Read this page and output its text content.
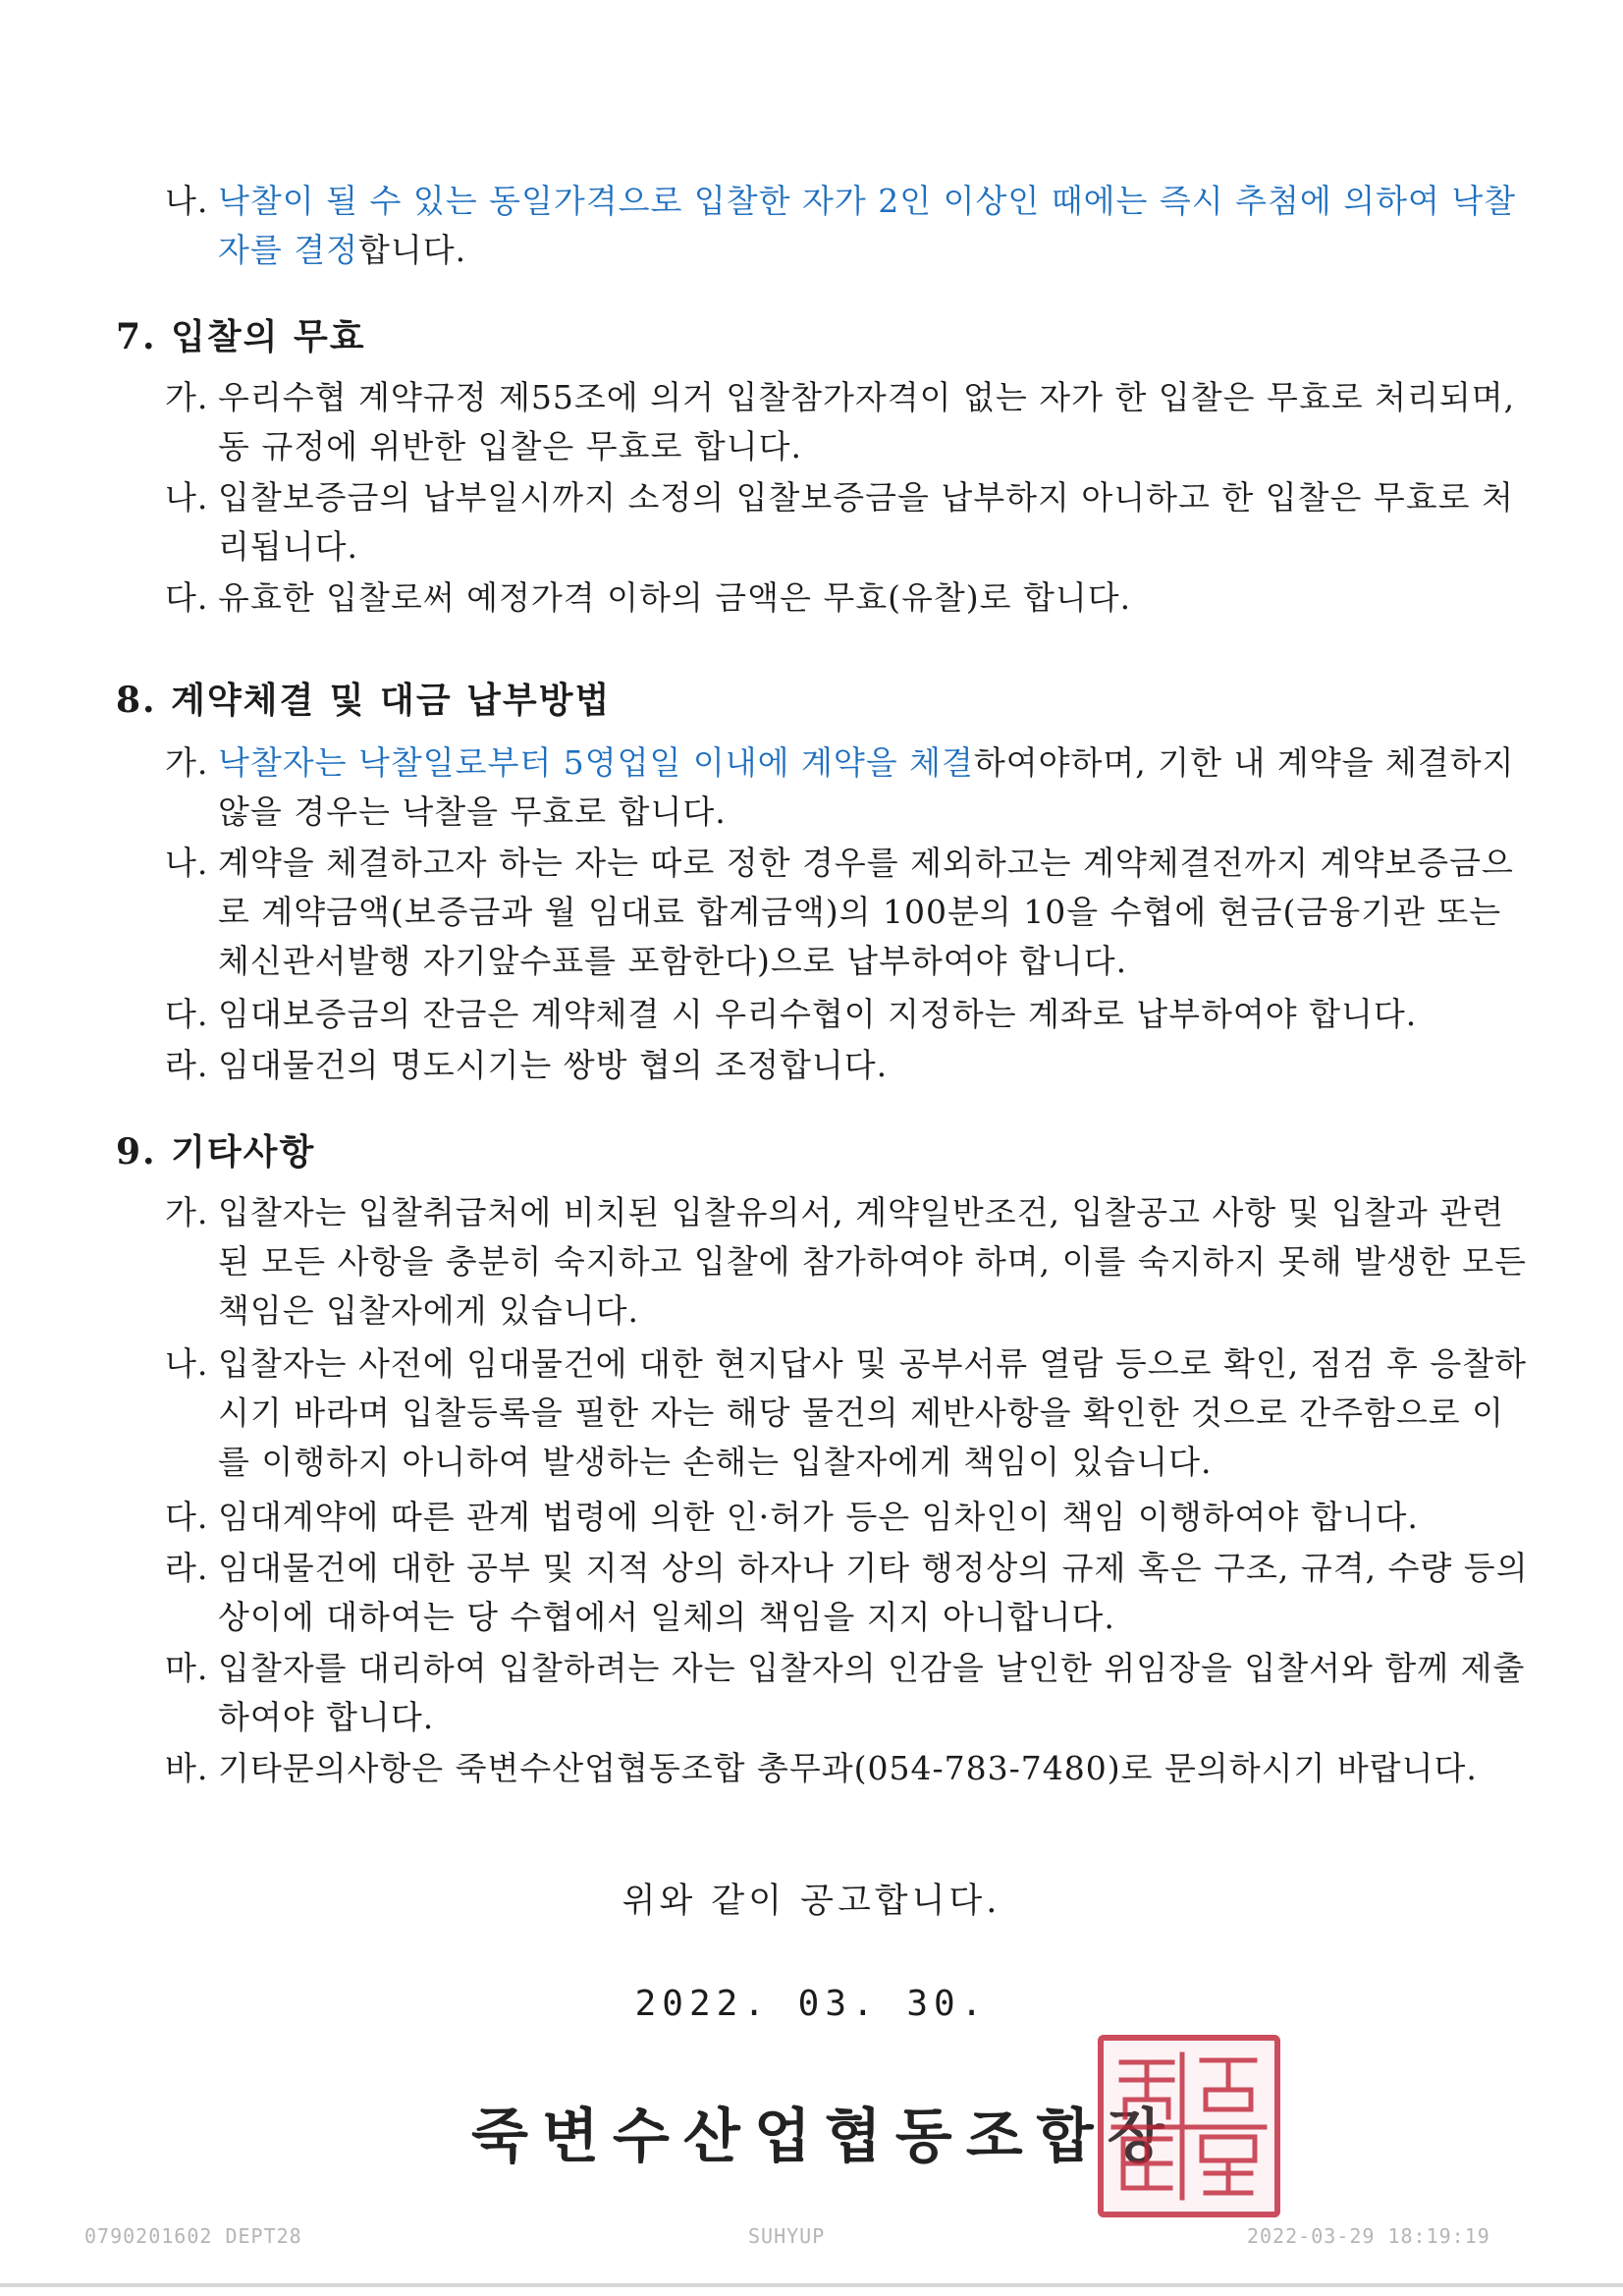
나. 낙찰이 될 수 있는 동일가격으로 입찰한 자가 2인 이상인 때에는 즉시 추첨에 의하여 낙찰자를 결정합니다.
7. 입찰의 무효
가. 우리수협 계약규정 제55조에 의거 입찰참가자격이 없는 자가 한 입찰은 무효로 처리되며, 동 규정에 위반한 입찰은 무효로 합니다.
나. 입찰보증금의 납부일시까지 소정의 입찰보증금을 납부하지 아니하고 한 입찰은 무효로 처리됩니다.
다. 유효한 입찰로써 예정가격 이하의 금액은 무효(유찰)로 합니다.
8. 계약체결 및 대금 납부방법
가. 낙찰자는 낙찰일로부터 5영업일 이내에 계약을 체결하여야하며, 기한 내 계약을 체결하지 않을 경우는 낙찰을 무효로 합니다.
나. 계약을 체결하고자 하는 자는 따로 정한 경우를 제외하고는 계약체결전까지 계약보증금으로 계약금액(보증금과 월 임대료 합계금액)의 100분의 10을 수협에 현금(금융기관 또는 체신관서발행 자기앞수표를 포함한다)으로 납부하여야 합니다.
다. 임대보증금의 잔금은 계약체결 시 우리수협이 지정하는 계좌로 납부하여야 합니다.
라. 임대물건의 명도시기는 쌍방 협의 조정합니다.
9. 기타사항
가. 입찰자는 입찰취급처에 비치된 입찰유의서, 계약일반조건, 입찰공고 사항 및 입찰과 관련된 모든 사항을 충분히 숙지하고 입찰에 참가하여야 하며, 이를 숙지하지 못해 발생한 모든 책임은 입찰자에게 있습니다.
나. 입찰자는 사전에 임대물건에 대한 현지답사 및 공부서류 열람 등으로 확인, 점검 후 응찰하시기 바라며 입찰등록을 필한 자는 해당 물건의 제반사항을 확인한 것으로 간주함으로 이를 이행하지 아니하여 발생하는 손해는 입찰자에게 책임이 있습니다.
다. 임대계약에 따른 관계 법령에 의한 인·허가 등은 임차인이 책임 이행하여야 합니다.
라. 임대물건에 대한 공부 및 지적 상의 하자나 기타 행정상의 규제 혹은 구조, 규격, 수량 등의 상이에 대하여는 당 수협에서 일체의 책임을 지지 아니합니다.
마. 입찰자를 대리하여 입찰하려는 자는 입찰자의 인감을 날인한 위임장을 입찰서와 함께 제출하여야 합니다.
바. 기타문의사항은 죽변수산업협동조합 총무과(054-783-7480)로 문의하시기 바랍니다.
위와 같이 공고합니다.
2022. 03. 30.
죽변수산업협동조합장
0790201602 DEPT28	SUHYUP	2022-03-29 18:19:19
